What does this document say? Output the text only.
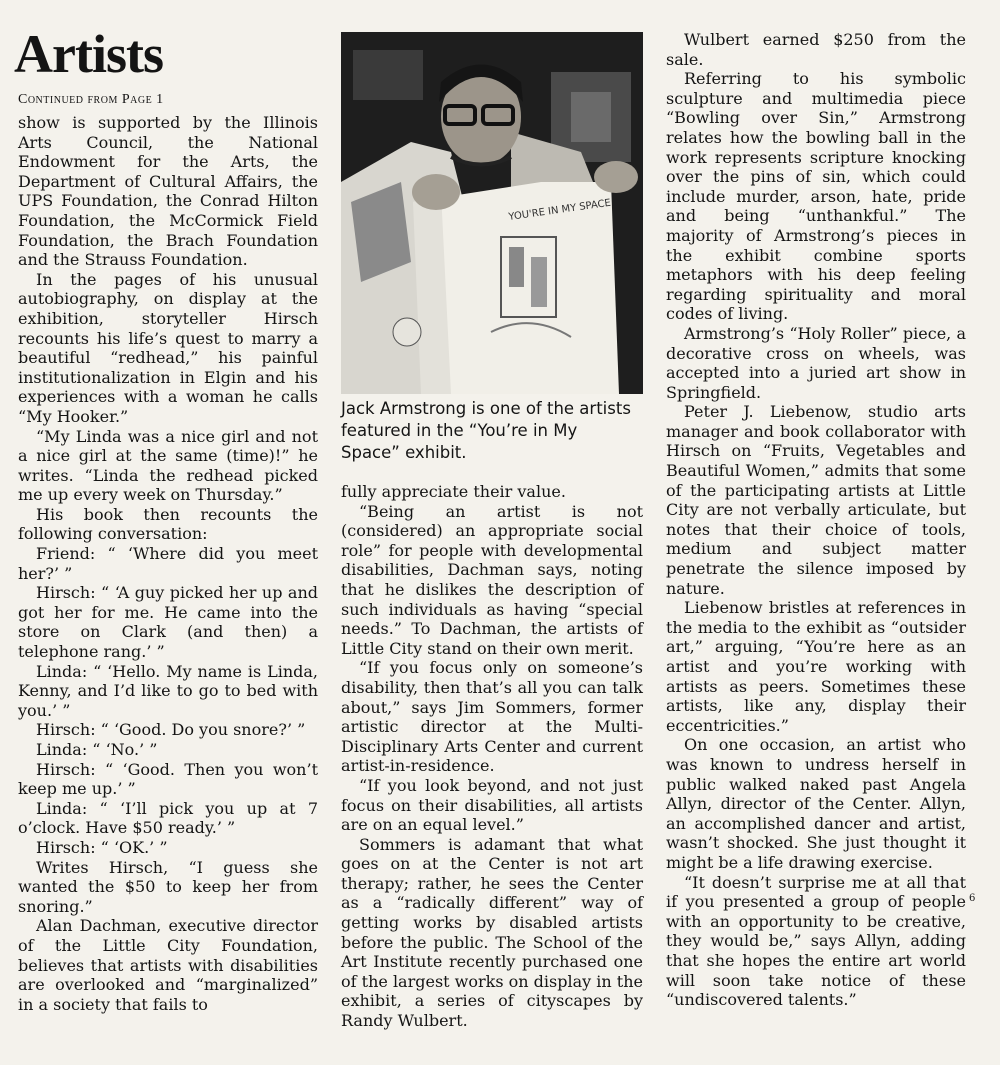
Artists
Continued from Page 1

show is supported by the Illinois Arts Council, the National Endowment for the Arts, the Department of Cultural Affairs, the UPS Foundation, the Conrad Hilton Foundation, the McCormick Field Foundation, the Brach Foundation and the Strauss Foundation.

In the pages of his unusual autobiography, on display at the exhibition, storyteller Hirsch recounts his life’s quest to marry a beautiful “redhead,” his painful institutionalization in Elgin and his experiences with a woman he calls “My Hooker.”

“My Linda was a nice girl and not a nice girl at the same (time)!” he writes. “Linda the redhead picked me up every week on Thursday.”

His book then recounts the following conversation:

Friend: “ ‘Where did you meet her?’ ”

Hirsch: “ ‘A guy picked her up and got her for me. He came into the store on Clark (and then) a telephone rang.’ ”

Linda: “ ‘Hello. My name is Linda, Kenny, and I’d like to go to bed with you.’ ”

Hirsch: “ ‘Good. Do you snore?’ ”

Linda: “ ‘No.’ ”

Hirsch: “ ‘Good. Then you won’t keep me up.’ ”

Linda: “ ‘I’ll pick you up at 7 o’clock. Have $50 ready.’ ”

Hirsch: “ ‘OK.’ ”

Writes Hirsch, “I guess she wanted the $50 to keep her from snoring.”

Alan Dachman, executive director of the Little City Foundation, believes that artists with disabilities are overlooked and “marginalized” in a society that fails to

YOU'RE IN MY SPACE

Jack Armstrong is one of the artists featured in the “You’re in My Space” exhibit.

fully appreciate their value.

“Being an artist is not (considered) an appropriate social role” for people with developmental disabilities, Dachman says, noting that he dislikes the description of such individuals as having “special needs.” To Dachman, the artists of Little City stand on their own merit.

“If you focus only on someone’s disability, then that’s all you can talk about,” says Jim Sommers, former artistic director at the Multi-Disciplinary Arts Center and current artist-in-residence.

“If you look beyond, and not just focus on their disabilities, all artists are on an equal level.”

Sommers is adamant that what goes on at the Center is not art therapy; rather, he sees the Center as a “radically different” way of getting works by disabled artists before the public. The School of the Art Institute recently purchased one of the largest works on display in the exhibit, a series of cityscapes by Randy Wulbert.

Wulbert earned $250 from the sale.

Referring to his symbolic sculpture and multimedia piece “Bowling over Sin,” Armstrong relates how the bowling ball in the work represents scripture knocking over the pins of sin, which could include murder, arson, hate, pride and being “unthankful.” The majority of Armstrong’s pieces in the exhibit combine sports metaphors with his deep feeling regarding spirituality and moral codes of living.

Armstrong’s “Holy Roller” piece, a decorative cross on wheels, was accepted into a juried art show in Springfield.

Peter J. Liebenow, studio arts manager and book collaborator with Hirsch on “Fruits, Vegetables and Beautiful Women,” admits that some of the participating artists at Little City are not verbally articulate, but notes that their choice of tools, medium and subject matter penetrate the silence imposed by nature.

Liebenow bristles at references in the media to the exhibit as “outsider art,” arguing, “You’re here as an artist and you’re working with artists as peers. Sometimes these artists, like any, display their eccentricities.”

On one occasion, an artist who was known to undress herself in public walked naked past Angela Allyn, director of the Center. Allyn, an accomplished dancer and artist, wasn’t shocked. She just thought it might be a life drawing exercise.

“It doesn’t surprise me at all that if you presented a group of people with an opportunity to be creative, they would be,” says Allyn, adding that she hopes the entire art world will soon take notice of these “undiscovered talents.”

6
